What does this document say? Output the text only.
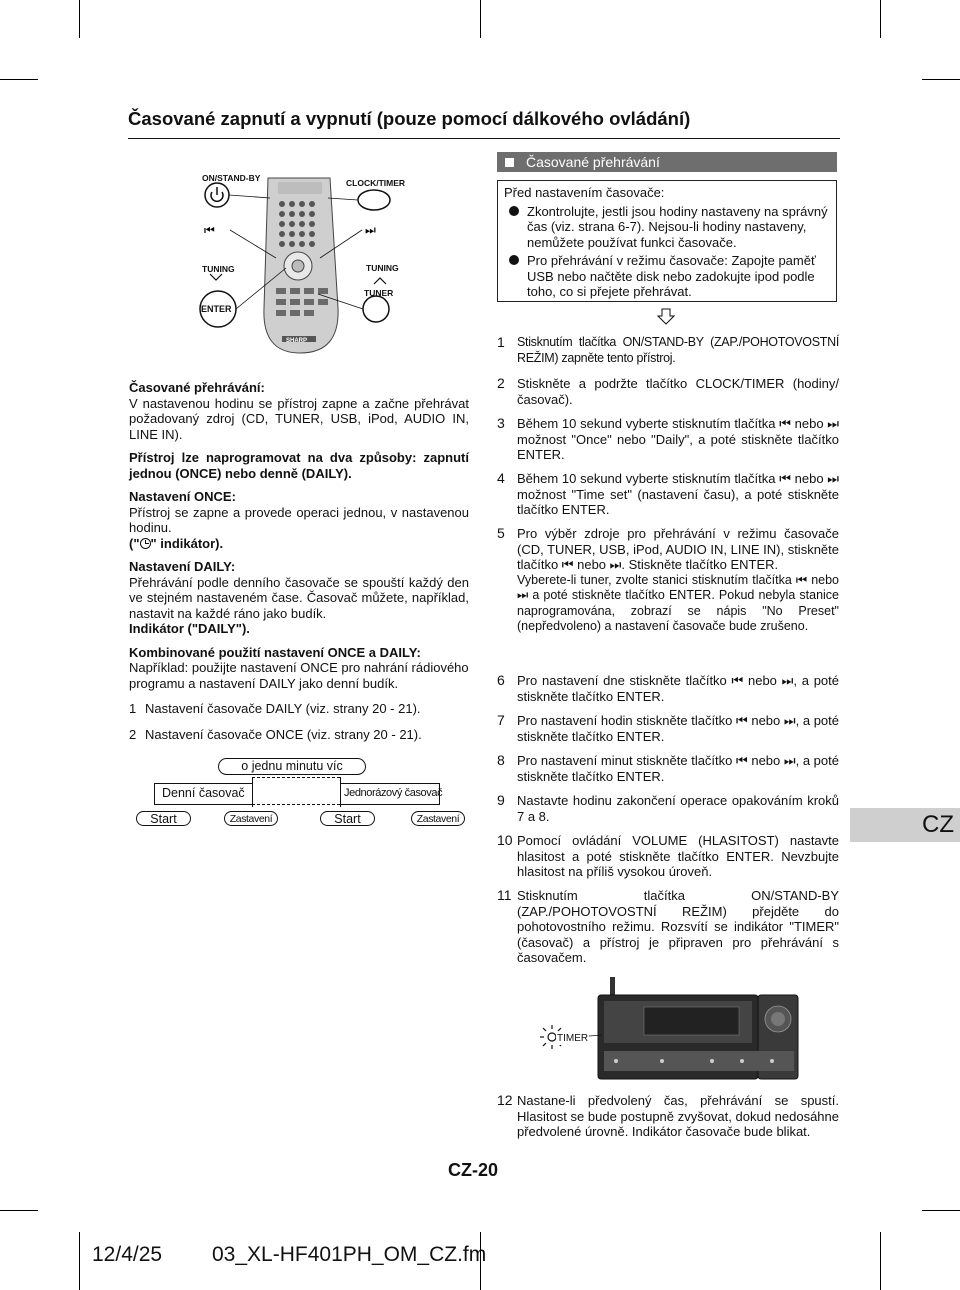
Časované zapnutí a vypnutí (pouze pomocí dálkového ovládání)
⏮	⏭
ON/STAND-BY	CLOCK/TIMER
TUNING	TUNING
ENTER
TUNER
SHARP

Časované přehrávání:

V nastavenou hodinu se přístroj zapne a začne přehrávat požadovaný zdroj (CD, TUNER, USB, iPod, AUDIO IN, LINE IN).

Přístroj lze naprogramovat na dva způsoby: zapnutí jednou (ONCE) nebo denně (DAILY).

Nastavení ONCE:

Přístroj se zapne a provede operaci jednou, v nastavenou hodinu.

(" " indikátor).

Nastavení DAILY:

Přehrávání podle denního časovače se spouští každý den ve stejném nastaveném čase. Časovač můžete, například, nastavit na každé ráno jako budík.

Indikátor ("DAILY").

Kombinované použití nastavení ONCE a DAILY:

Například: použijte nastavení ONCE pro nahrání rádiového programu a nastavení DAILY jako denní budík.

1 Nastavení časovače DAILY (viz. strany 20 - 21).
2 Nastavení časovače ONCE (viz. strany 20 - 21).
o jednu minutu víc
Denní časovač	Jednorázový časovač
Start	Zastavení	Start	Zastavení
Časované přehrávání

Před nastavením časovače:

Zkontrolujte, jestli jsou hodiny nastaveny na správný čas (viz. strana 6-7). Nejsou-li hodiny nastaveny, nemůžete používat funkci časovače.
Pro přehrávání v režimu časovače: Zapojte paměť USB nebo načtěte disk nebo zadokujte ipod podle toho, co si přejete přehrávat.
1 Stisknutím tlačítka ON/STAND-BY (ZAP./POHOTOVOSTNÍ REŽIM) zapněte tento přístroj.

2 Stiskněte a podržte tlačítko CLOCK/TIMER (hodiny/časovač).

3 Během 10 sekund vyberte stisknutím tlačítka ⏮ nebo ⏭ možnost "Once" nebo "Daily", a poté stiskněte tlačítko ENTER.

4 Během 10 sekund vyberte stisknutím tlačítka ⏮ nebo ⏭ možnost "Time set" (nastavení času), a poté stiskněte tlačítko ENTER.

5 Pro výběr zdroje pro přehrávání v režimu časovače (CD, TUNER, USB, iPod, AUDIO IN, LINE IN), stiskněte tlačítko ⏮ nebo ⏭. Stiskněte tlačítko ENTER.

Vyberete-li tuner, zvolte stanici stisknutím tlačítka ⏮ nebo ⏭ a poté stiskněte tlačítko ENTER. Pokud nebyla stanice naprogramována, zobrazí se nápis "No Preset"(nepředvoleno) a nastavení časovače bude zrušeno.

6 Pro nastavení dne stiskněte tlačítko ⏮ nebo ⏭, a poté stiskněte tlačítko ENTER.

7 Pro nastavení hodin stiskněte tlačítko ⏮ nebo ⏭, a poté stiskněte tlačítko ENTER.

8 Pro nastavení minut stiskněte tlačítko ⏮ nebo ⏭, a poté stiskněte tlačítko ENTER.

9 Nastavte hodinu zakončení operace opakováním kroků 7 a 8.

10 Pomocí ovládání VOLUME (HLASITOST) nastavte hlasitost a poté stiskněte tlačítko ENTER. Nevzbujte hlasitost na příliš vysokou úroveň.

11 Stisknutím tlačítka ON/STAND-BY (ZAP./POHOTOVOSTNÍ REŽIM) přejděte do pohotovostního režimu. Rozsvítí se indikátor "TIMER" (časovač) a přístroj je připraven pro přehrávání s časovačem.

TIMER
12 Nastane-li předvolený čas, přehrávání se spustí. Hlasitost se bude postupně zvyšovat, dokud nedosáhne předvolené úrovně. Indikátor časovače bude blikat.

CZ
CZ-20
12/4/25 03_XL-HF401PH_OM_CZ.fm
